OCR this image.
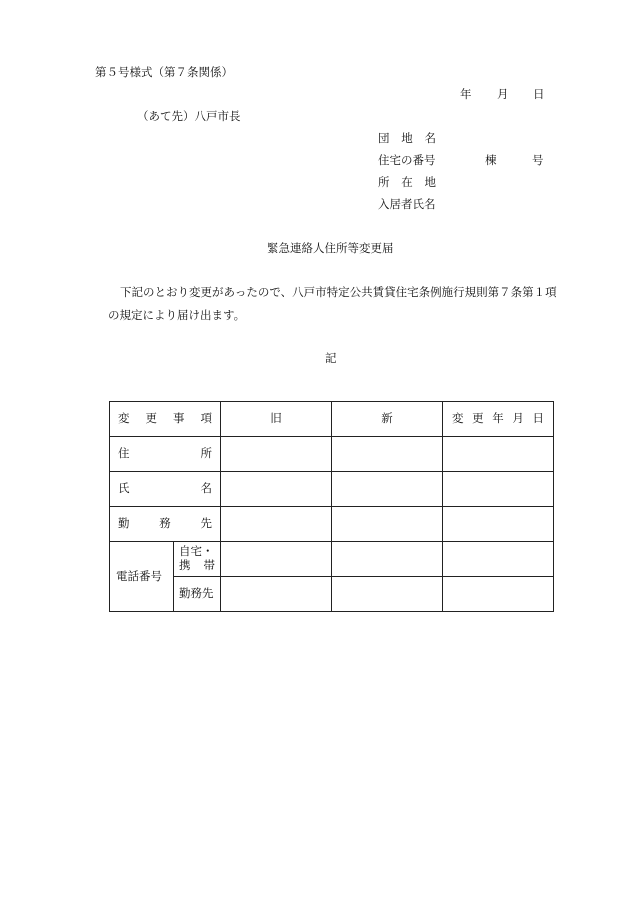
第５号様式（第７条関係）
年 月 日
（あて先）八戸市長
団 地 名
住宅の番号	棟	号
所 在 地
入居者氏名
緊急連絡人住所等変更届
下記のとおり変更があったので、八戸市特定公共賃貸住宅条例施行規則第７条第１項
の規定により届け出ます。
記
変 更 事 項		旧	新	変 更 年 月 日

住 所				

氏 名				

勤 務 先				

電話番号	自宅・
携 帯			

	勤務先			
